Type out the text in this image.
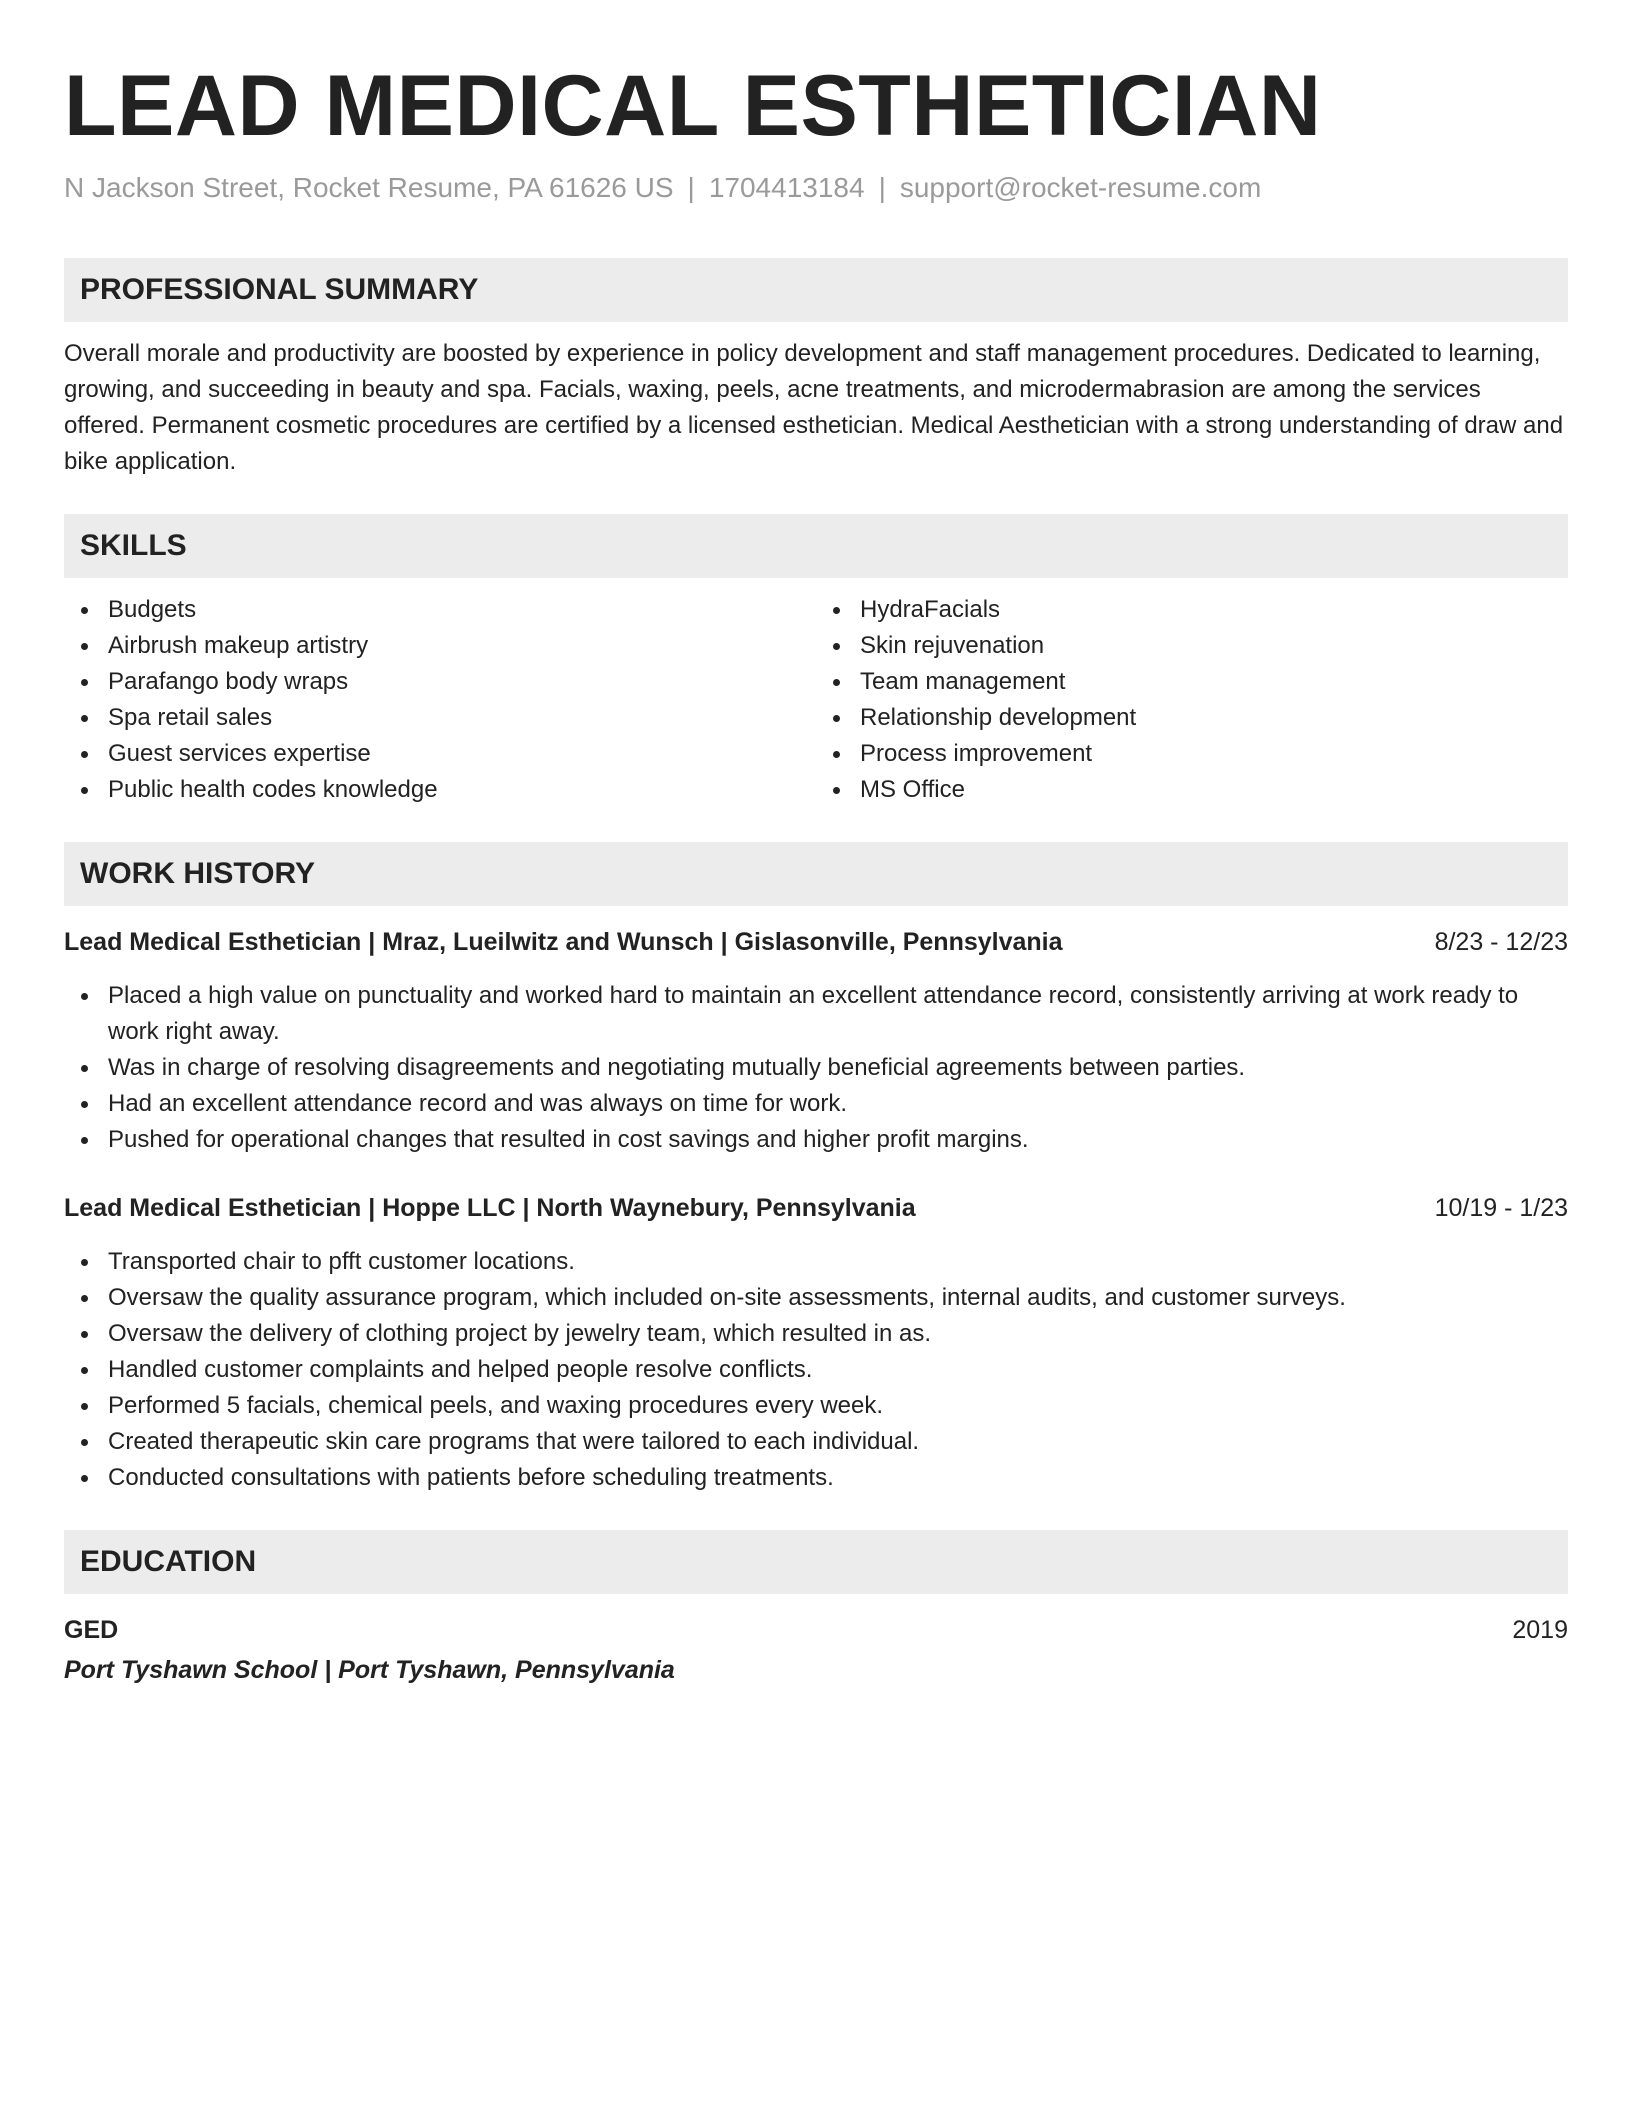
LEAD MEDICAL ESTHETICIAN
N Jackson Street, Rocket Resume, PA 61626 US | 1704413184 | support@rocket-resume.com
PROFESSIONAL SUMMARY

Overall morale and productivity are boosted by experience in policy development and staff management procedures. Dedicated to learning, growing, and succeeding in beauty and spa. Facials, waxing, peels, acne treatments, and microdermabrasion are among the services offered. Permanent cosmetic procedures are certified by a licensed esthetician. Medical Aesthetician with a strong understanding of draw and bike application.

SKILLS
Budgets
Airbrush makeup artistry
Parafango body wraps
Spa retail sales
Guest services expertise
Public health codes knowledge
HydraFacials
Skin rejuvenation
Team management
Relationship development
Process improvement
MS Office
WORK HISTORY
Lead Medical Esthetician | Mraz, Lueilwitz and Wunsch | Gislasonville, Pennsylvania	8/23 - 12/23
Placed a high value on punctuality and worked hard to maintain an excellent attendance record, consistently arriving at work ready to work right away.
Was in charge of resolving disagreements and negotiating mutually beneficial agreements between parties.
Had an excellent attendance record and was always on time for work.
Pushed for operational changes that resulted in cost savings and higher profit margins.
Lead Medical Esthetician | Hoppe LLC | North Waynebury, Pennsylvania	10/19 - 1/23
Transported chair to pfft customer locations.
Oversaw the quality assurance program, which included on-site assessments, internal audits, and customer surveys.
Oversaw the delivery of clothing project by jewelry team, which resulted in as.
Handled customer complaints and helped people resolve conflicts.
Performed 5 facials, chemical peels, and waxing procedures every week.
Created therapeutic skin care programs that were tailored to each individual.
Conducted consultations with patients before scheduling treatments.
EDUCATION
GED	2019
Port Tyshawn School | Port Tyshawn, Pennsylvania
